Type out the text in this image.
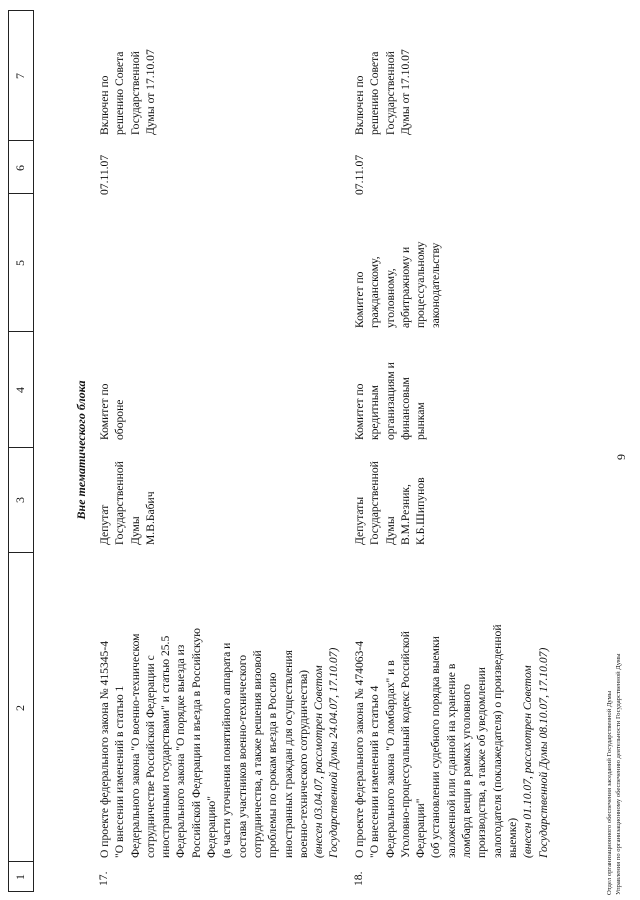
9
1
2
3
4
5
6
7
Вне тематического блока
17.
О проекте федерального закона № 415345-4 "О внесении изменений в статью 1 Федерального закона "О военно-техническом сотрудничестве Российской Федерации с иностранными государствами" и статью 25.5 Федерального закона "О порядке выезда из Российской Федерации и въезда в Российскую Федерацию" (в части уточнения понятийного аппарата и состава участников военно-технического сотрудничества, а также решения визовой проблемы по срокам въезда в Россию иностранных граждан для осуществления военно-технического сотрудничества) (внесен 03.04.07, рассмотрен Советом Государственной Думы 24.04.07, 17.10.07)
Депутат Государственной Думы М.В.Бабич
Комитет по обороне
07.11.07
Включен по решению Совета Государственной Думы от 17.10.07
18.
О проекте федерального закона № 474063-4 "О внесении изменений в статью 4 Федерального закона "О ломбардах" и в Уголовно-процессуальный кодекс Российской Федерации" (об установлении судебного порядка выемки заложенной или сданной на хранение в ломбард вещи в рамках уголовного производства, а также об уведомлении залогодателя (поклажедателя) о произведенной выемке) (внесен 01.10.07, рассмотрен Советом Государственной Думы 08.10.07, 17.10.07)
Депутаты Государственной Думы В.М.Резник, К.Б.Шипунов
Комитет по кредитным организациям и финансовым рынкам
Комитет по гражданскому, уголовному, арбитражному и процессуальному законодательству
07.11.07
Включен по решению Совета Государственной Думы от 17.10.07
Отдел организационного обеспечения заседаний Государственной Думы Управления по организационному обеспечению деятельности Государственной Думы
